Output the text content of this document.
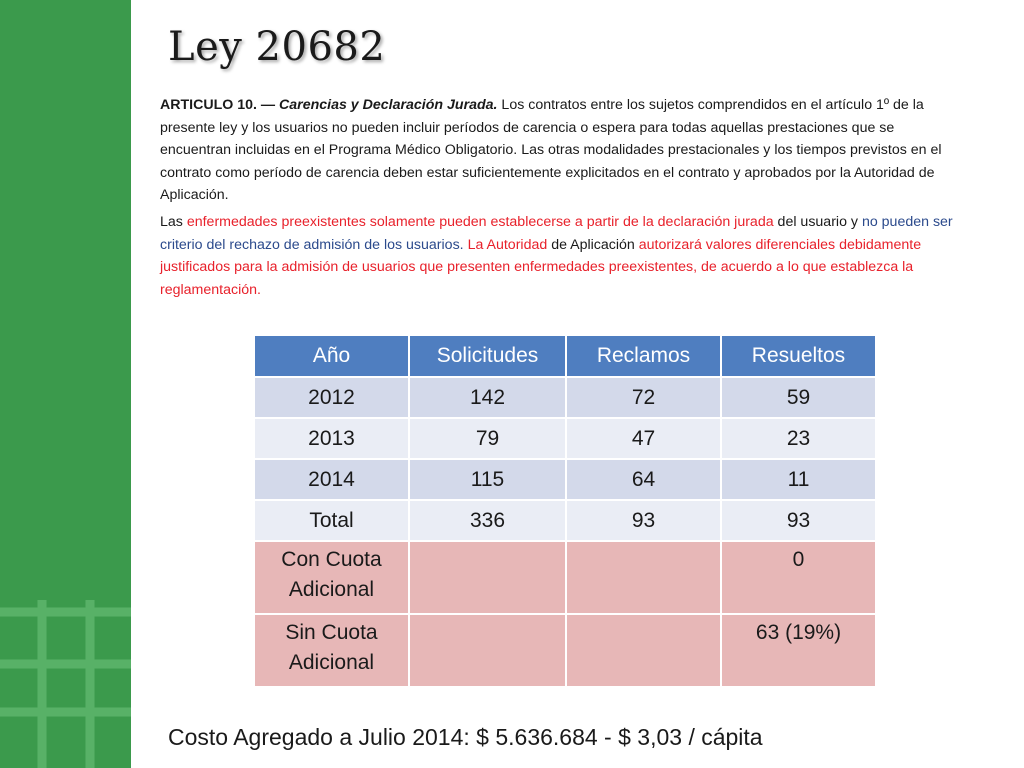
Ley 20682

ARTICULO 10. — Carencias y Declaración Jurada. Los contratos entre los sujetos comprendidos en el artículo 1º de la presente ley y los usuarios no pueden incluir períodos de carencia o espera para todas aquellas prestaciones que se encuentran incluidas en el Programa Médico Obligatorio. Las otras modalidades prestacionales y los tiempos previstos en el contrato como período de carencia deben estar suficientemente explicitados en el contrato y aprobados por la Autoridad de Aplicación.

Las enfermedades preexistentes solamente pueden establecerse a partir de la declaración jurada del usuario y no pueden ser criterio del rechazo de admisión de los usuarios. La Autoridad de Aplicación autorizará valores diferenciales debidamente justificados para la admisión de usuarios que presenten enfermedades preexistentes, de acuerdo a lo que establezca la reglamentación.

Año	Solicitudes	Reclamos	Resueltos
2012	142	72	59
2013	79	47	23
2014	115	64	11
Total	336	93	93
Con Cuota Adicional			0
Sin Cuota Adicional			63 (19%)

Costo Agregado a Julio 2014: $ 5.636.684 - $ 3,03 / cápita
